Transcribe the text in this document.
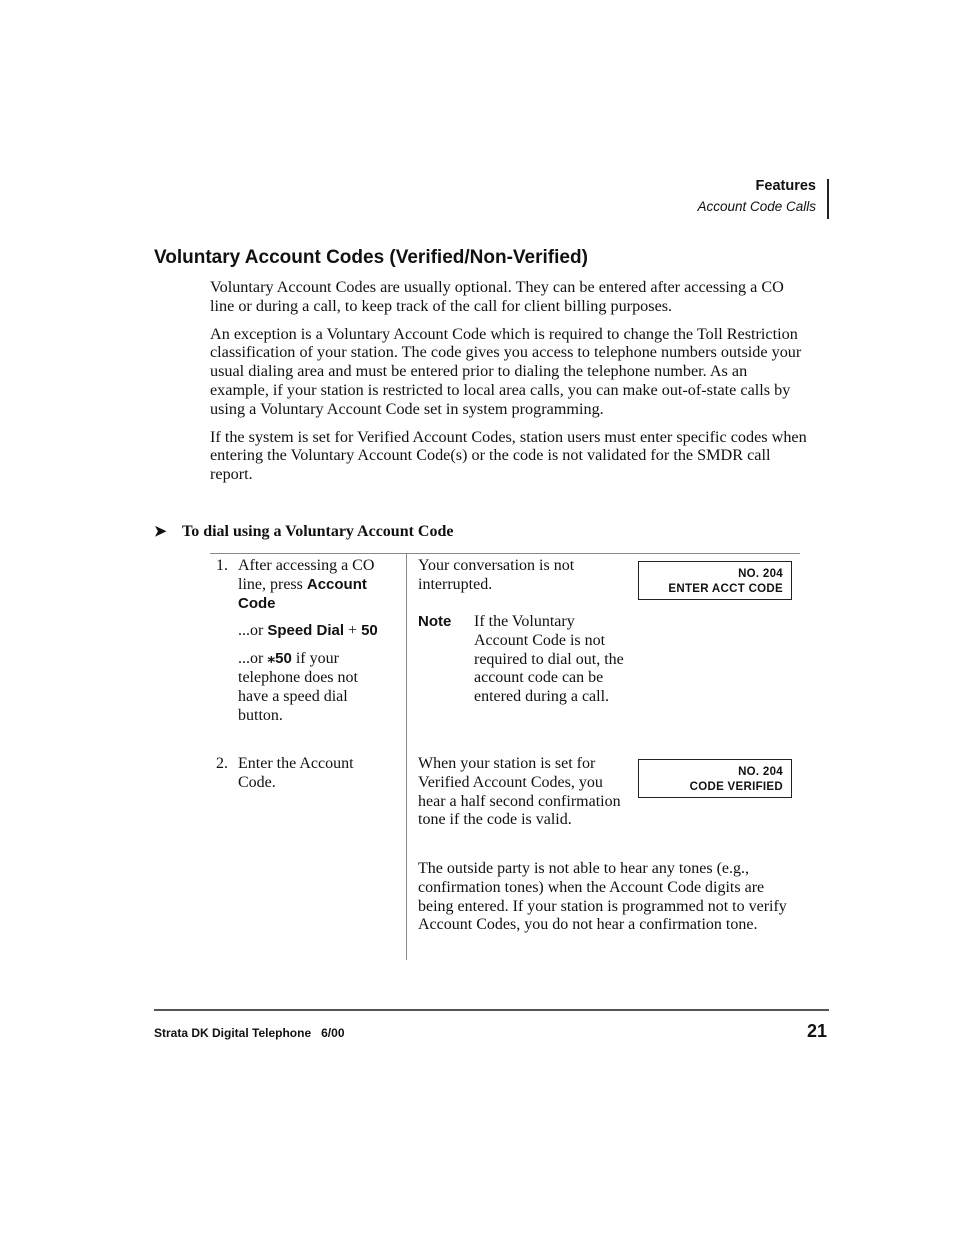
Features
Account Code Calls
Voluntary Account Codes (Verified/Non-Verified)

Voluntary Account Codes are usually optional. They can be entered after accessing a CO line or during a call, to keep track of the call for client billing purposes.

An exception is a Voluntary Account Code which is required to change the Toll Restriction classification of your station. The code gives you access to telephone numbers outside your usual dialing area and must be entered prior to dialing the telephone number. As an example, if your station is restricted to local area calls, you can make out-of-state calls by using a Voluntary Account Code set in system programming.

If the system is set for Verified Account Codes, station users must enter specific codes when entering the Voluntary Account Code(s) or the code is not validated for the SMDR call report.

➤ To dial using a Voluntary Account Code
1. After accessing a CO line, press Account Code

...or Speed Dial + 50

...or ⁎50 if your telephone does not have a speed dial button.

Your conversation is not interrupted.

NO. 204
ENTER ACCT CODE
Note If the Voluntary Account Code is not required to dial out, the account code can be entered during a call.
2. Enter the Account Code.

When your station is set for Verified Account Codes, you hear a half second confirmation tone if the code is valid.

NO. 204
CODE VERIFIED

The outside party is not able to hear any tones (e.g., confirmation tones) when the Account Code digits are being entered. If your station is programmed not to verify Account Codes, you do not hear a confirmation tone.

Strata DK Digital Telephone   6/00	21
